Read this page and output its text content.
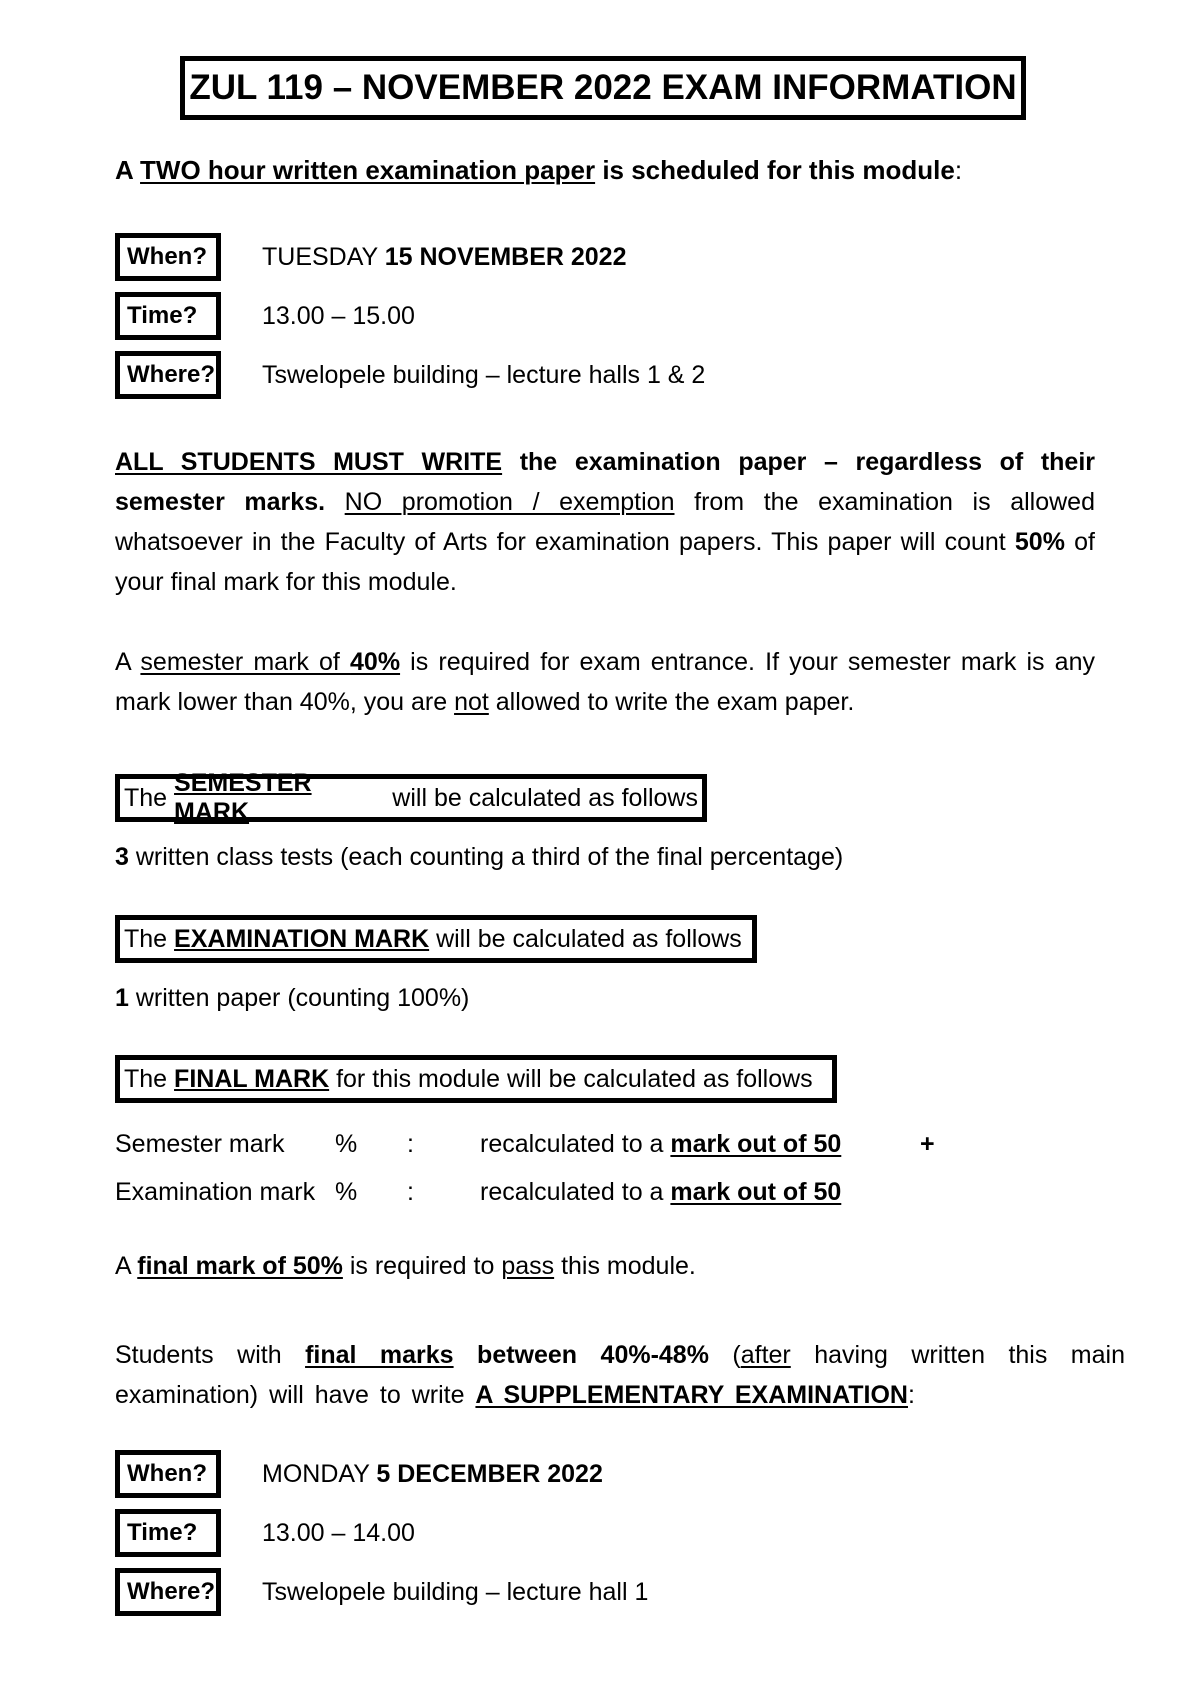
ZUL 119 – NOVEMBER 2022 EXAM INFORMATION
A TWO hour written examination paper is scheduled for this module:
When?	TUESDAY 15 NOVEMBER 2022
Time?	13.00 – 15.00
Where? Tswelopele building – lecture halls 1 & 2
ALL STUDENTS MUST WRITE the examination paper – regardless of their semester marks. NO promotion / exemption from the examination is allowed whatsoever in the Faculty of Arts for examination papers. This paper will count 50% of your final mark for this module.
A semester mark of 40% is required for exam entrance. If your semester mark is any mark lower than 40%, you are not allowed to write the exam paper.
The

SEMESTER MARK
will be calculated as follows
3 written class tests (each counting a third of the final percentage)
The
EXAMINATION MARK will be calculated as follows
1 written paper (counting 100%)
The
FINAL MARK for this module will be calculated as follows
Semester mark % :	recalculated to a mark out of 50	+
Examination mark % :	recalculated to a mark out of 50
A final mark of 50% is required to pass this module.
Students with final marks between 40%-48% (after having written this main examination) will have to write A SUPPLEMENTARY EXAMINATION:
When?	MONDAY 5 DECEMBER 2022
Time?	13.00 – 14.00
Where? Tswelopele building – lecture hall 1
